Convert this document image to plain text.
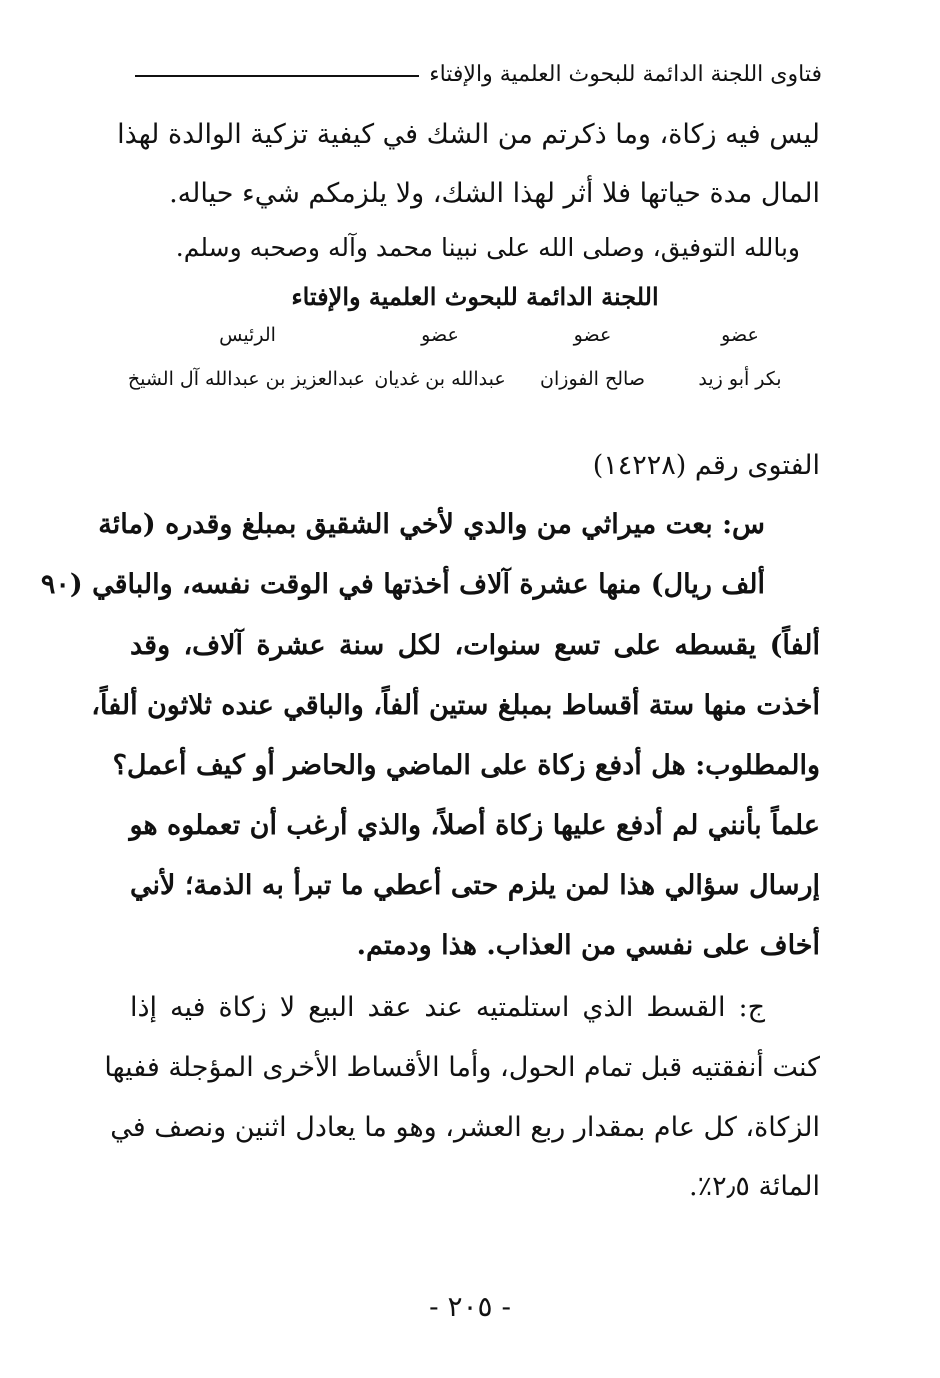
فتاوى اللجنة الدائمة للبحوث العلمية والإفتاء
ليس فيه زكاة، وما ذكرتم من الشك في كيفية تزكية الوالدة لهذا
المال مدة حياتها فلا أثر لهذا الشك، ولا يلزمكم شيء حياله.
وبالله التوفيق، وصلى الله على نبينا محمد وآله وصحبه وسلم.
اللجنة الدائمة للبحوث العلمية والإفتاء
عضو
عضو
عضو
الرئيس
بكر أبو زيد
صالح الفوزان
عبدالله بن غديان
عبدالعزيز بن عبدالله آل الشيخ
الفتوى رقم (١٤٢٢٨)
س: بعت ميراثي من والدي لأخي الشقيق بمبلغ وقدره (مائة
ألف ريال) منها عشرة آلاف أخذتها في الوقت نفسه، والباقي (٩٠
ألفاً) يقسطه على تسع سنوات، لكل سنة عشرة آلاف، وقد
أخذت منها ستة أقساط بمبلغ ستين ألفاً، والباقي عنده ثلاثون ألفاً،
والمطلوب: هل أدفع زكاة على الماضي والحاضر أو كيف أعمل؟
علماً بأنني لم أدفع عليها زكاة أصلاً، والذي أرغب أن تعملوه هو
إرسال سؤالي هذا لمن يلزم حتى أعطي ما تبرأ به الذمة؛ لأني
أخاف على نفسي من العذاب. هذا ودمتم.
ج: القسط الذي استلمتيه عند عقد البيع لا زكاة فيه إذا
كنت أنفقتيه قبل تمام الحول، وأما الأقساط الأخرى المؤجلة ففيها
الزكاة، كل عام بمقدار ربع العشر، وهو ما يعادل اثنين ونصف في
المائة ٢٫٥٪.
- ٢٠٥ -
